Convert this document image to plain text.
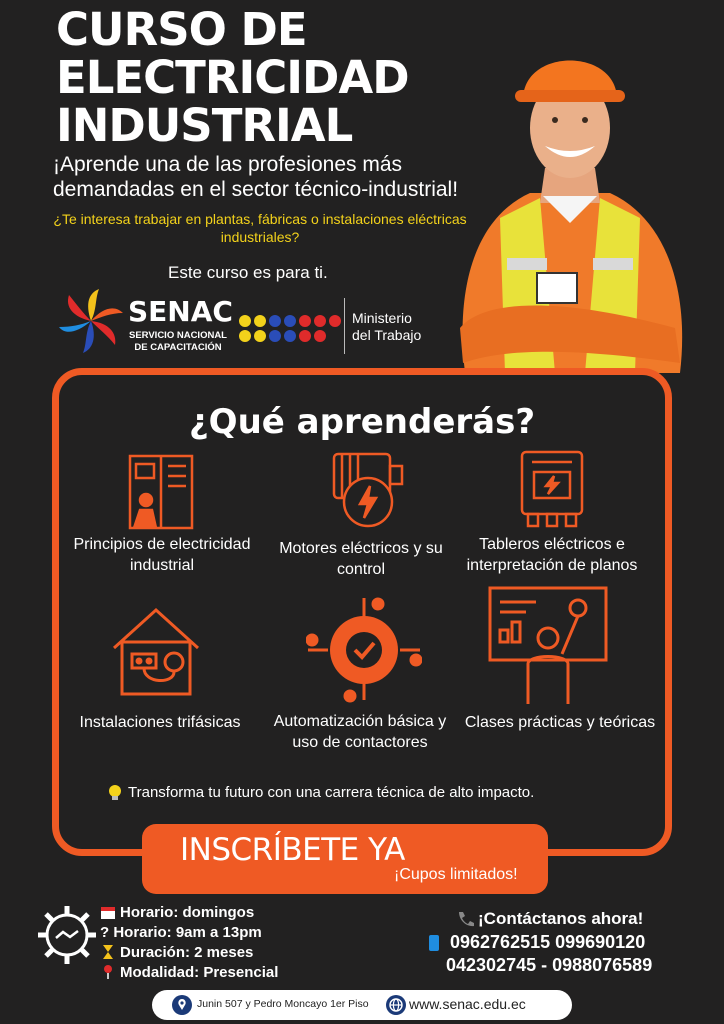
CURSO DE
ELECTRICIDAD
INDUSTRIAL
¡Aprende una de las profesiones más demandadas en el sector técnico-industrial!
¿Te interesa trabajar en plantas, fábricas o instalaciones eléctricas industriales?
Este curso es para ti.
SENAC
SERVICIO NACIONAL DE CAPACITACIÓN
Ministerio del Trabajo
¿Qué aprenderás?
Principios de electricidad industrial
Motores eléctricos y su control
Tableros eléctricos e interpretación de planos
Instalaciones trifásicas	Automatización básica y uso de contactores
Clases prácticas y teóricas
Transforma tu futuro con una carrera técnica de alto impacto.
INSCRÍBETE YA
¡Cupos limitados!
Horario: domingos
? Horario: 9am a 13pm
Duración: 2 meses
Modalidad: Presencial
¡Contáctanos ahora!
0962762515 099690120
042302745 - 0988076589
Junin 507 y Pedro Moncayo 1er Piso	www.senac.edu.ec
